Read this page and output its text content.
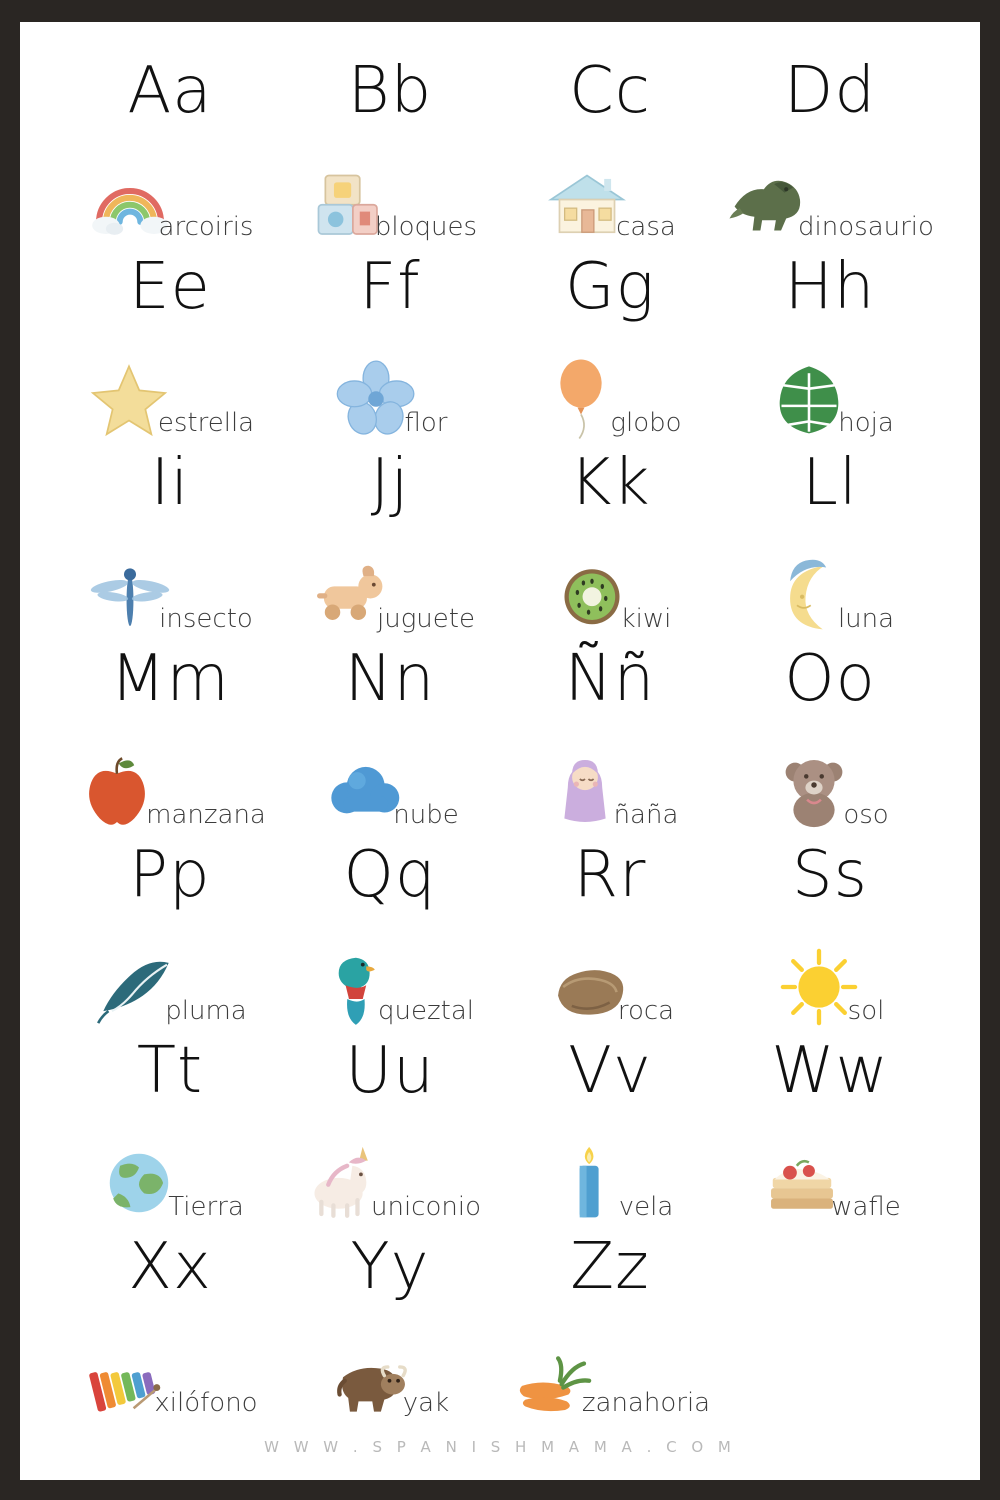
Aa
arcoiris
Bb
bloques
Cc
casa
Dd
dinosaurio
Ee
estrella
Ff
flor
Gg
globo
Hh
hoja
Ii
insecto
Jj
juguete
Kk
kiwi
Ll
luna
Mm
manzana
Nn
nube
Ññ
ñaña
Oo
oso
Pp
pluma
Qq
queztal
Rr
roca
Ss
sol
Tt
Tierra
Uu
uniconio
Vv
vela
Ww
wafle
Xx
xilófono
Yy
yak
Zz
zanahoria
W W W . S P A N I S H M A M A . C O M
